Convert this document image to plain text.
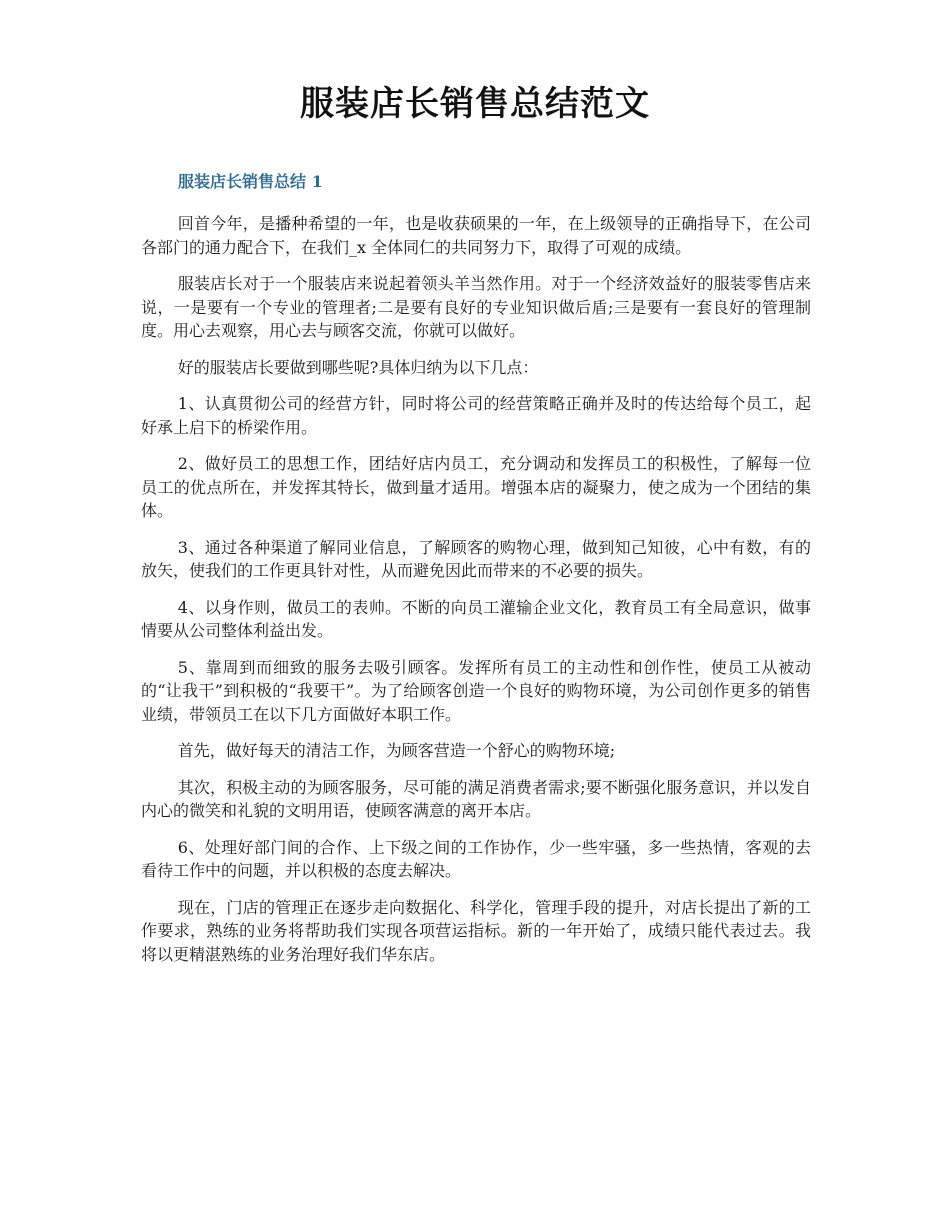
服装店长销售总结范文
服装店长销售总结 1

回首今年，是播种希望的一年，也是收获硕果的一年，在上级领导的正确指导下，在公司各部门的通力配合下，在我们_x 全体同仁的共同努力下，取得了可观的成绩。

服装店长对于一个服装店来说起着领头羊当然作用。对于一个经济效益好的服装零售店来说，一是要有一个专业的管理者;二是要有良好的专业知识做后盾;三是要有一套良好的管理制度。用心去观察，用心去与顾客交流，你就可以做好。

好的服装店长要做到哪些呢?具体归纳为以下几点：

1、认真贯彻公司的经营方针，同时将公司的经营策略正确并及时的传达给每个员工，起好承上启下的桥梁作用。

2、做好员工的思想工作，团结好店内员工，充分调动和发挥员工的积极性，了解每一位员工的优点所在，并发挥其特长，做到量才适用。增强本店的凝聚力，使之成为一个团结的集体。

3、通过各种渠道了解同业信息，了解顾客的购物心理，做到知己知彼，心中有数，有的放矢，使我们的工作更具针对性，从而避免因此而带来的不必要的损失。

4、以身作则，做员工的表帅。不断的向员工灌输企业文化，教育员工有全局意识，做事情要从公司整体利益出发。

5、靠周到而细致的服务去吸引顾客。发挥所有员工的主动性和创作性，使员工从被动的“让我干”到积极的“我要干”。为了给顾客创造一个良好的购物环境，为公司创作更多的销售业绩，带领员工在以下几方面做好本职工作。

首先，做好每天的清洁工作，为顾客营造一个舒心的购物环境;

其次，积极主动的为顾客服务，尽可能的满足消费者需求;要不断强化服务意识，并以发自内心的微笑和礼貌的文明用语，使顾客满意的离开本店。

6、处理好部门间的合作、上下级之间的工作协作，少一些牢骚，多一些热情，客观的去看待工作中的问题，并以积极的态度去解决。

现在，门店的管理正在逐步走向数据化、科学化，管理手段的提升，对店长提出了新的工作要求，熟练的业务将帮助我们实现各项营运指标。新的一年开始了，成绩只能代表过去。我将以更精湛熟练的业务治理好我们华东店。
